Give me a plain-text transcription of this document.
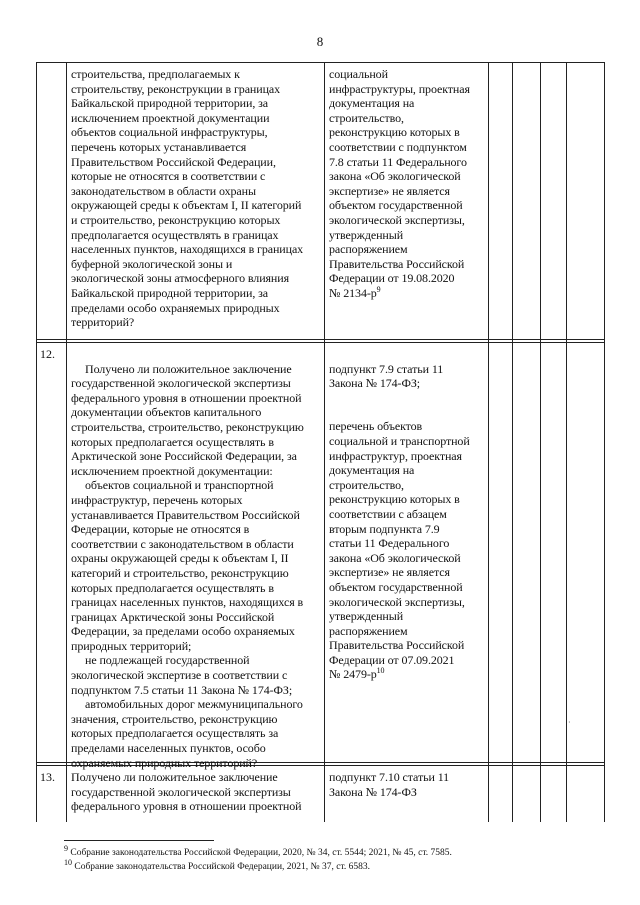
8

строительства, предполагаемых к
строительству, реконструкции в границах
Байкальской природной территории, за
исключением проектной документации
объектов социальной инфраструктуры,
перечень которых устанавливается
Правительством Российской Федерации,
которые не относятся в соответствии с
законодательством в области охраны
окружающей среды к объектам I, II категорий
и строительство, реконструкцию которых
предполагается осуществлять в границах
населенных пунктов, находящихся в границах
буферной экологической зоны и
экологической зоны атмосферного влияния
Байкальской природной территории, за
пределами особо охраняемых природных
территорий?

социальной
инфраструктуры, проектная
документация на
строительство,
реконструкцию которых в
соответствии с подпунктом
7.8 статьи 11 Федерального
закона «Об экологической
экспертизе» не является
объектом государственной
экологической экспертизы,
утвержденный
распоряжением
Правительства Российской
Федерации от 19.08.2020
№ $2134-р^9$

12.

Получено ли положительное заключение
государственной экологической экспертизы
федерального уровня в отношении проектной
документации объектов капитального
строительства, строительство, реконструкцию
которых предполагается осуществлять в
Арктической зоне Российской Федерации, за
исключением проектной документации:
объектов социальной и транспортной
инфраструктур, перечень которых
устанавливается Правительством Российской
Федерации, которые не относятся в
соответствии с законодательством в области
охраны окружающей среды к объектам I, II
категорий и строительство, реконструкцию
которых предполагается осуществлять в
границах населенных пунктов, находящихся в
границах Арктической зоны Российской
Федерации, за пределами особо охраняемых
природных территорий;
не подлежащей государственной
экологической экспертизе в соответствии с
подпунктом 7.5 статьи 11 Закона № 174-ФЗ;
автомобильных дорог межмуниципального
значения, строительство, реконструкцию
которых предполагается осуществлять за
пределами населенных пунктов, особо
охраняемых природных территорий?

подпункт 7.9 статьи 11
Закона № 174-ФЗ;

перечень объектов
социальной и транспортной
инфраструктур, проектная
документация на
строительство,
реконструкцию которых в
соответствии с абзацем
вторым подпункта 7.9
статьи 11 Федерального
закона «Об экологической
экспертизе» не является
объектом государственной
экологической экспертизы,
утвержденный
распоряжением
Правительства Российской
Федерации от 07.09.2021
№ $2479-р^{10}$

13. Получено ли положительное заключение
государственной экологической экспертизы
федерального уровня в отношении проектной

подпункт 7.10 статьи 11
Закона № 174-ФЗ

·
$^9$ Собрание законодательства Российской Федерации, 2020, № 34, ст. 5544; 2021, № 45, ст. 7585.
$^{10}$ Собрание законодательства Российской Федерации, 2021, № 37, ст. 6583.
